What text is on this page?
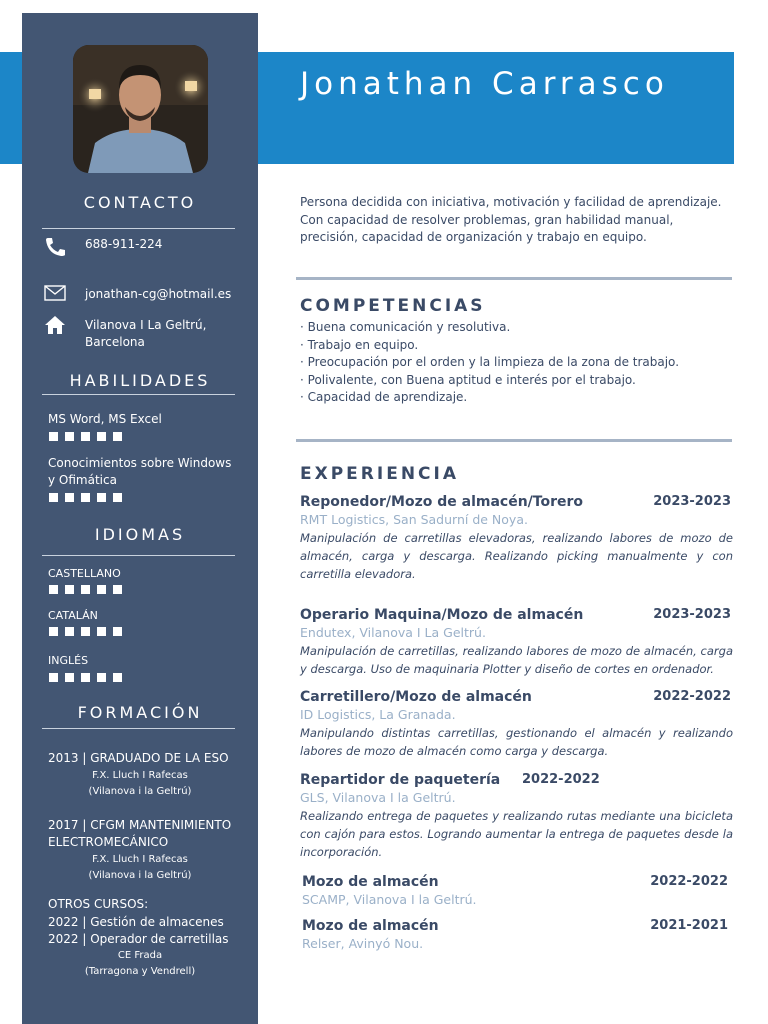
Jonathan Carrasco
CONTACTO
688-911-224
jonathan-cg@hotmail.es
Vilanova I La Geltrú,
Barcelona
HABILIDADES
MS Word, MS Excel
Conocimientos sobre Windows
y Ofimática
IDIOMAS
CASTELLANO
CATALÁN
INGLÉS
FORMACIÓN
2013 | GRADUADO DE LA ESO
F.X. Lluch I Rafecas
(Vilanova i la Geltrú)
2017 | CFGM MANTENIMIENTO
ELECTROMECÁNICO
F.X. Lluch I Rafecas
(Vilanova i la Geltrú)
OTROS CURSOS:
2022 | Gestión de almacenes
2022 | Operador de carretillas
CE Frada
(Tarragona y Vendrell)
Persona decidida con iniciativa, motivación y facilidad de aprendizaje. Con capacidad de resolver problemas, gran habilidad manual, precisión, capacidad de organización y trabajo en equipo.
COMPETENCIAS
· Buena comunicación y resolutiva.
· Trabajo en equipo.
· Preocupación por el orden y la limpieza de la zona de trabajo.
· Polivalente, con Buena aptitud e interés por el trabajo.
· Capacidad de aprendizaje.
EXPERIENCIA
Reponedor/Mozo de almacén/Torero	2023-2023
RMT Logistics, San Sadurní de Noya.
Manipulación de carretillas elevadoras, realizando labores de mozo de almacén, carga y descarga. Realizando picking manualmente y con carretilla elevadora.
Operario Maquina/Mozo de almacén	2023-2023
Endutex, Vilanova I La Geltrú.
Manipulación de carretillas, realizando labores de mozo de almacén, carga y descarga. Uso de maquinaria Plotter y diseño de cortes en ordenador.
Carretillero/Mozo de almacén	2022-2022
ID Logistics, La Granada.
Manipulando distintas carretillas, gestionando el almacén y realizando labores de mozo de almacén como carga y descarga.
Repartidor de paquetería	2022-2022
GLS, Vilanova I la Geltrú.
Realizando entrega de paquetes y realizando rutas mediante una bicicleta con cajón para estos. Logrando aumentar la entrega de paquetes desde la incorporación.
Mozo de almacén	2022-2022
SCAMP, Vilanova I la Geltrú.
Mozo de almacén	2021-2021
Relser, Avinyó Nou.
